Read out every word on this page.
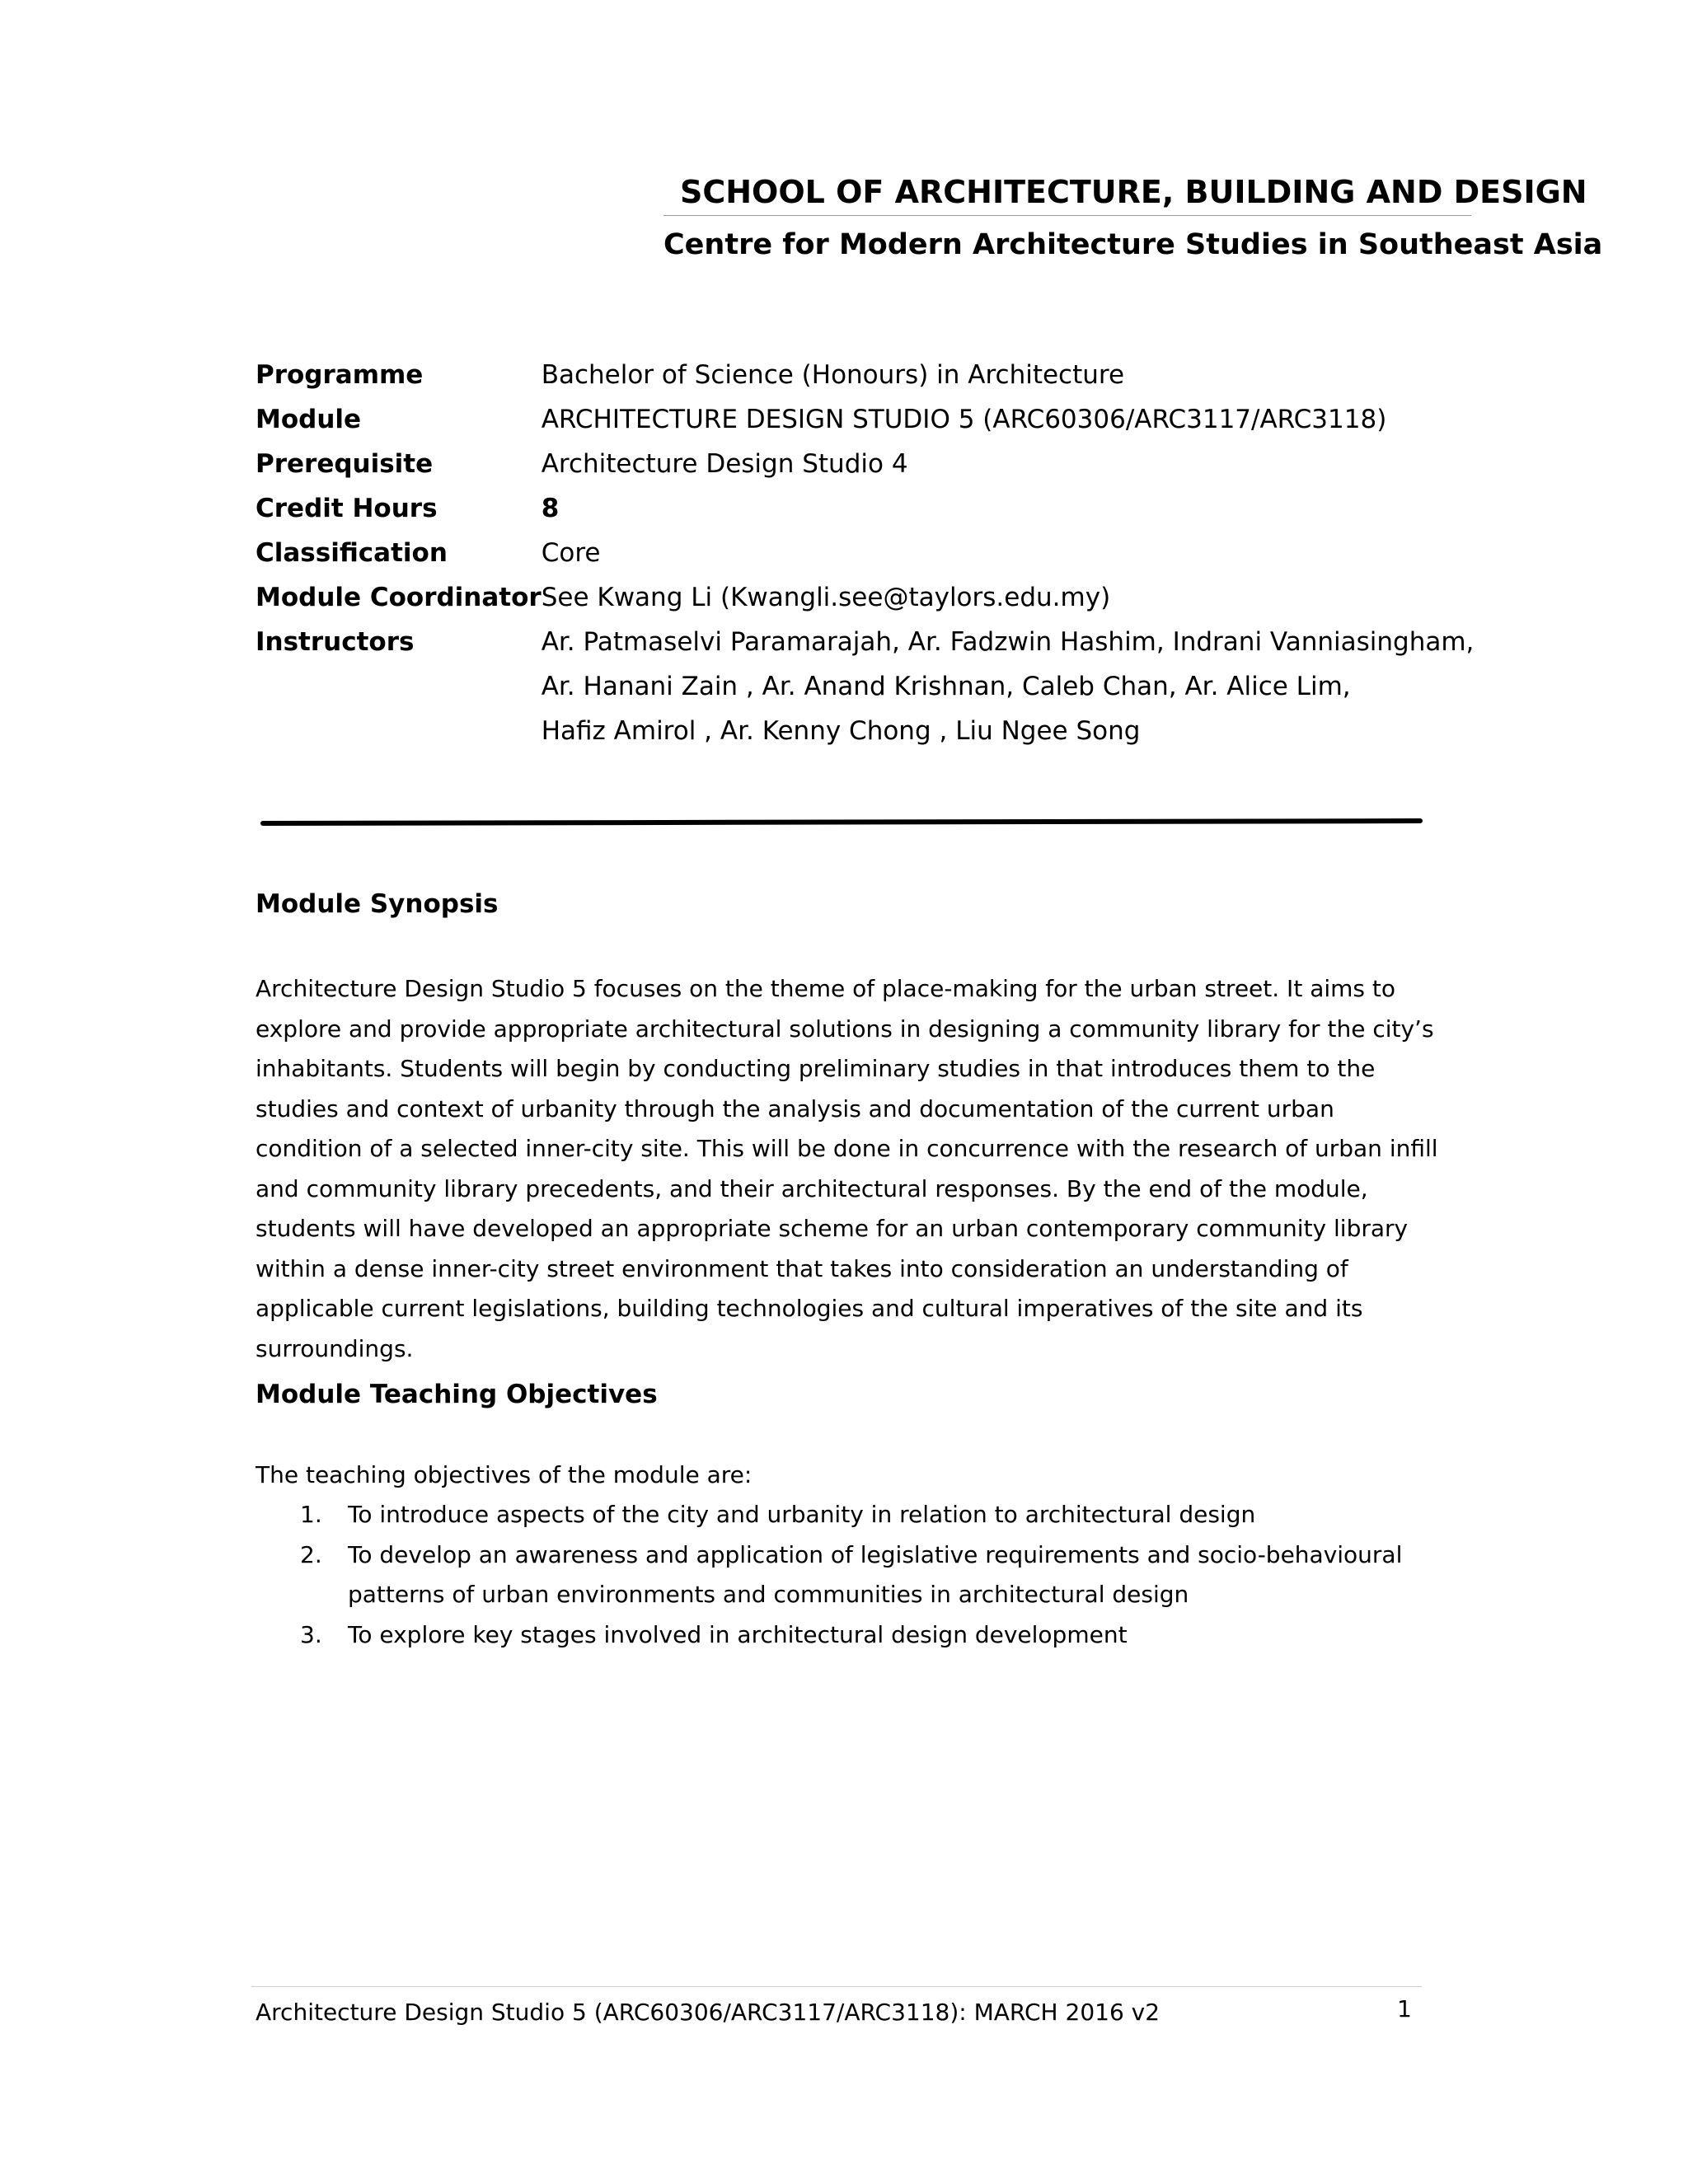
SCHOOL OF ARCHITECTURE, BUILDING AND DESIGN
Centre for Modern Architecture Studies in Southeast Asia
Programme	Bachelor of Science (Honours) in Architecture
Module	ARCHITECTURE DESIGN STUDIO 5 (ARC60306/ARC3117/ARC3118)
Prerequisite	Architecture Design Studio 4
Credit Hours	8
Classification	Core
Module Coordinator	See Kwang Li (Kwangli.see@taylors.edu.my)
Instructors	Ar. Patmaselvi Paramarajah, Ar. Fadzwin Hashim, Indrani Vanniasingham,
Ar. Hanani Zain , Ar. Anand Krishnan, Caleb Chan, Ar. Alice Lim,
Hafiz Amirol , Ar. Kenny Chong , Liu Ngee Song
Module Synopsis

Architecture Design Studio 5 focuses on the theme of place-making for the urban street. It aims to explore and provide appropriate architectural solutions in designing a community library for the city’s inhabitants. Students will begin by conducting preliminary studies in that introduces them to the studies and context of urbanity through the analysis and documentation of the current urban condition of a selected inner-city site. This will be done in concurrence with the research of urban infill and community library precedents, and their architectural responses. By the end of the module, students will have developed an appropriate scheme for an urban contemporary community library within a dense inner-city street environment that takes into consideration an understanding of applicable current legislations, building technologies and cultural imperatives of the site and its surroundings.

Module Teaching Objectives

The teaching objectives of the module are:

1. To introduce aspects of the city and urbanity in relation to architectural design
2. To develop an awareness and application of legislative requirements and socio-behavioural patterns of urban environments and communities in architectural design
3. To explore key stages involved in architectural design development
Architecture Design Studio 5 (ARC60306/ARC3117/ARC3118): MARCH 2016 v2	1
